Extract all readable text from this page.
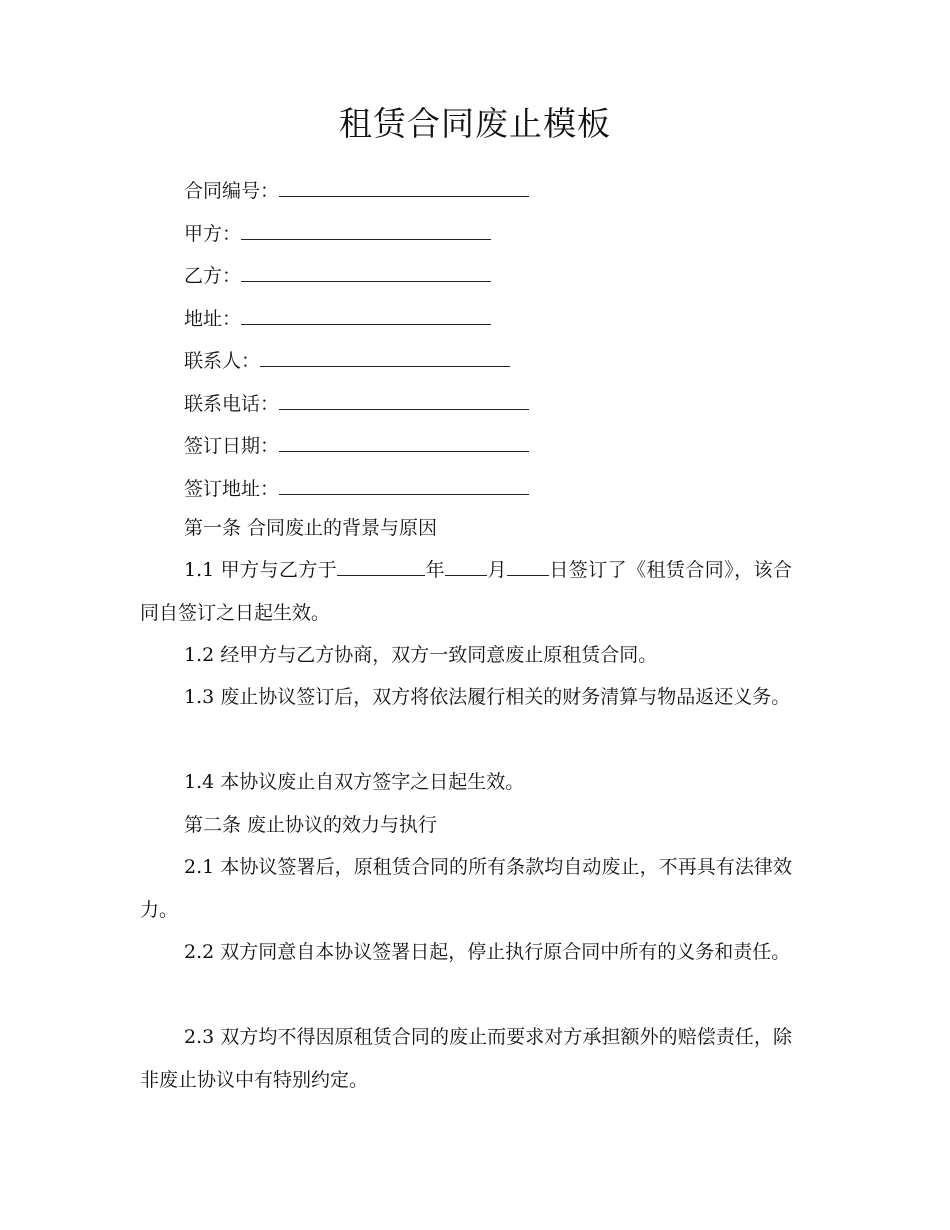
租赁合同废止模板
合同编号：
甲方：
乙方：
地址：
联系人：
联系电话：
签订日期：
签订地址：
第一条 合同废止的背景与原因
1.1 甲方与乙方于	年 月 日签订了《租赁合同》，该合同自签订之日起生效。
1.2 经甲方与乙方协商，双方一致同意废止原租赁合同。
1.3 废止协议签订后，双方将依法履行相关的财务清算与物品返还义务。
1.4 本协议废止自双方签字之日起生效。
第二条 废止协议的效力与执行
2.1 本协议签署后，原租赁合同的所有条款均自动废止，不再具有法律效力。
2.2 双方同意自本协议签署日起，停止执行原合同中所有的义务和责任。
2.3 双方均不得因原租赁合同的废止而要求对方承担额外的赔偿责任，除非废止协议中有特别约定。
